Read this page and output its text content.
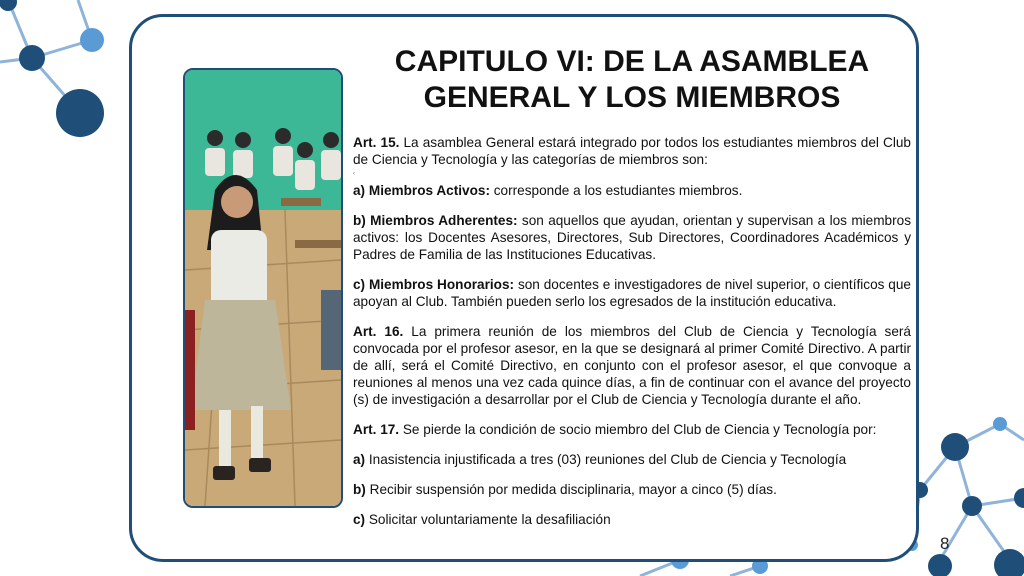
CAPITULO VI: DE LA ASAMBLEA
GENERAL Y LOS MIEMBROS

Art. 15. La asamblea General estará integrado por todos los estudiantes miembros del Club de Ciencia y Tecnología y las categorías de miembros son:

‹

a) Miembros Activos: corresponde a los estudiantes miembros.

b) Miembros Adherentes: son aquellos que ayudan, orientan y supervisan a los miembros activos: los Docentes Asesores, Directores, Sub Directores, Coordinadores Académicos y Padres de Familia de las Instituciones Educativas.

c) Miembros Honorarios: son docentes e investigadores de nivel superior, o científicos que apoyan al Club. También pueden serlo los egresados de la institución educativa.

Art. 16. La primera reunión de los miembros del Club de Ciencia y Tecnología será convocada por el profesor asesor, en la que se designará al primer Comité Directivo. A partir de allí, será el Comité Directivo, en conjunto con el profesor asesor, el que convoque a reuniones al menos una vez cada quince días, a fin de continuar con el avance del proyecto (s) de investigación a desarrollar por el Club de Ciencia y Tecnología durante el año.

Art. 17. Se pierde la condición de socio miembro del Club de Ciencia y Tecnología por:

a) Inasistencia injustificada a tres (03) reuniones del Club de Ciencia y Tecnología

b) Recibir suspensión por medida disciplinaria, mayor a cinco (5) días.

c) Solicitar voluntariamente la desafiliación

8
